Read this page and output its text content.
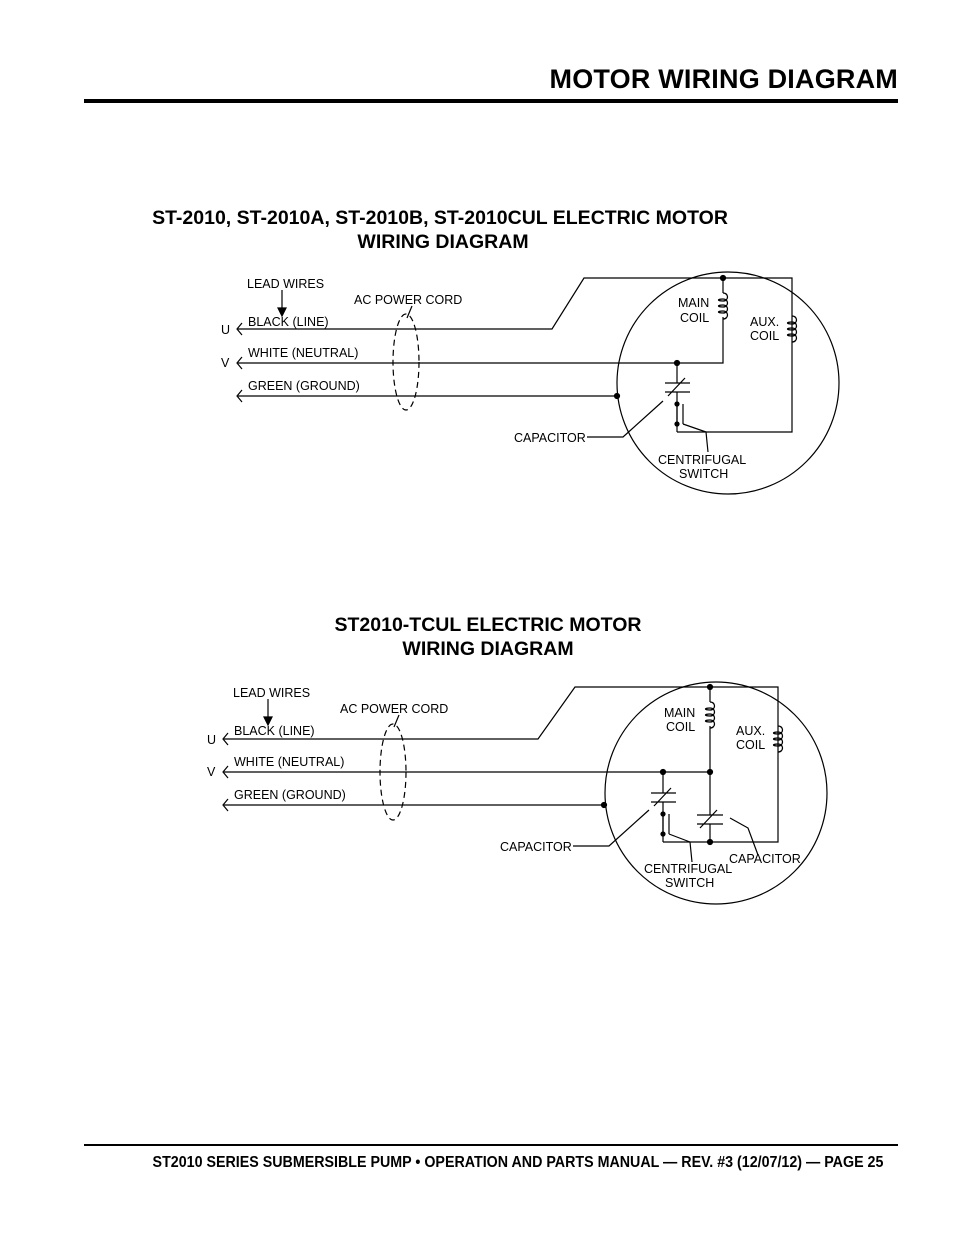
MOTOR WIRING DIAGRAM
ST-2010, ST-2010A, ST-2010B, ST-2010CUL ELECTRIC MOTOR
WIRING DIAGRAM
ST2010-TCUL ELECTRIC MOTOR
WIRING DIAGRAM
LEAD WIRES
AC POWER CORD
U
V
BLACK (LINE)
WHITE (NEUTRAL)
GREEN (GROUND)
MAIN
COIL	AUX.
COIL
CAPACITOR
CENTRIFUGAL
SWITCH
LEAD WIRES
AC POWER CORD
U
V
BLACK (LINE)
WHITE (NEUTRAL)
GREEN (GROUND)
MAIN
COIL	AUX.
COIL
CAPACITOR
CAPACITOR
CENTRIFUGAL
SWITCH
ST2010 SERIES SUBMERSIBLE PUMP • OPERATION AND PARTS MANUAL — REV. #3 (12/07/12) — PAGE 25
